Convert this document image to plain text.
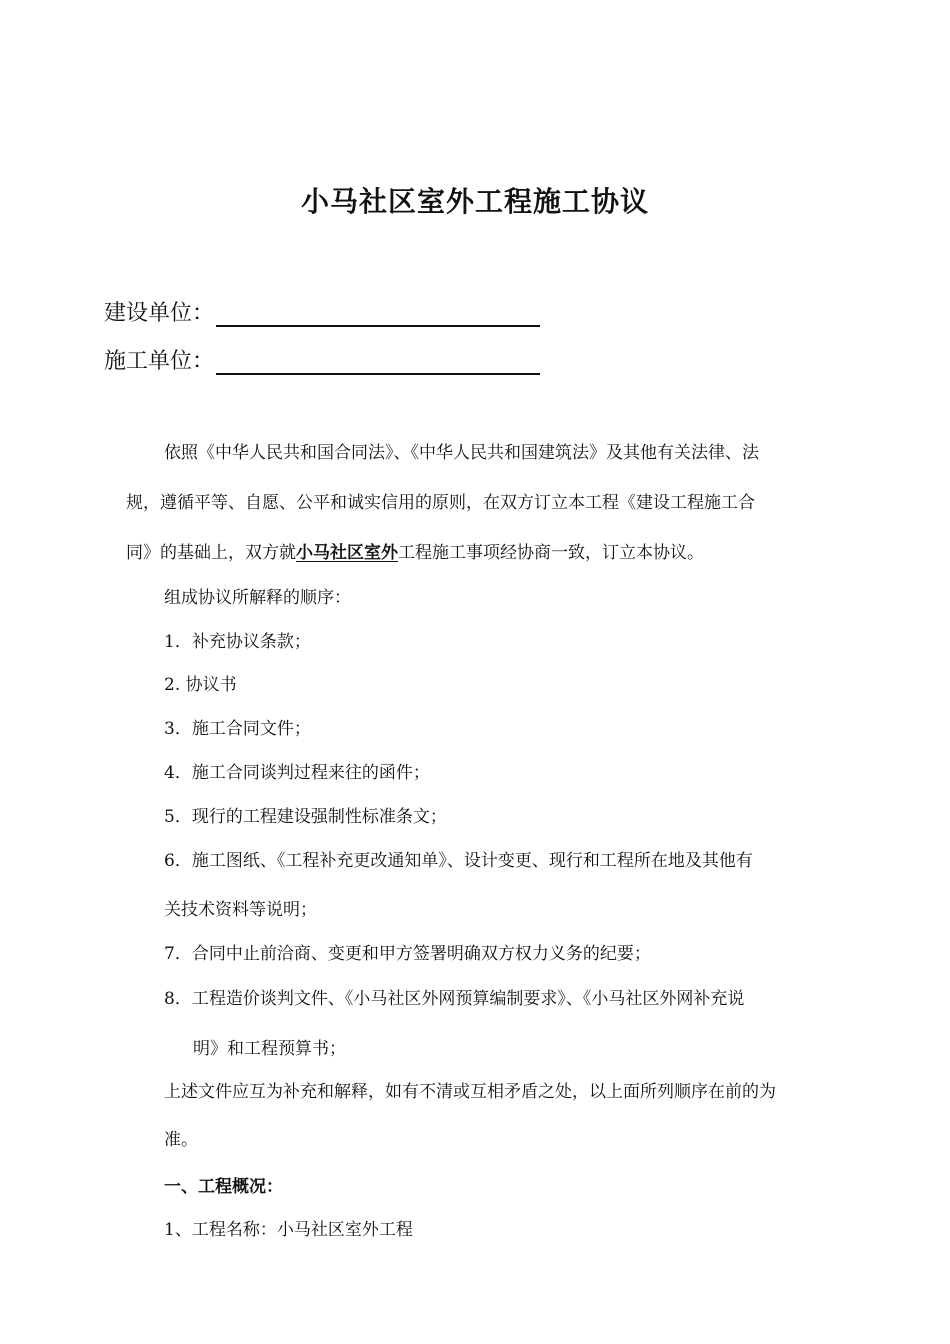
小马社区室外工程施工协议
建设单位：
施工单位：
依照《中华人民共和国合同法》、《中华人民共和国建筑法》及其他有关法律、法
规，遵循平等、自愿、公平和诚实信用的原则，在双方订立本工程《建设工程施工合
同》的基础上，双方就小马社区室外工程施工事项经协商一致，订立本协议。
组成协议所解释的顺序：
1．补充协议条款；
2. 协议书
3．施工合同文件；
4．施工合同谈判过程来往的函件；
5．现行的工程建设强制性标准条文；
6．施工图纸、《工程补充更改通知单》、设计变更、现行和工程所在地及其他有
关技术资料等说明；
7．合同中止前洽商、变更和甲方签署明确双方权力义务的纪要；
8．工程造价谈判文件、《小马社区外网预算编制要求》、《小马社区外网补充说
明》和工程预算书；
上述文件应互为补充和解释，如有不清或互相矛盾之处，以上面所列顺序在前的为
准。
一、工程概况：
1、工程名称：小马社区室外工程
